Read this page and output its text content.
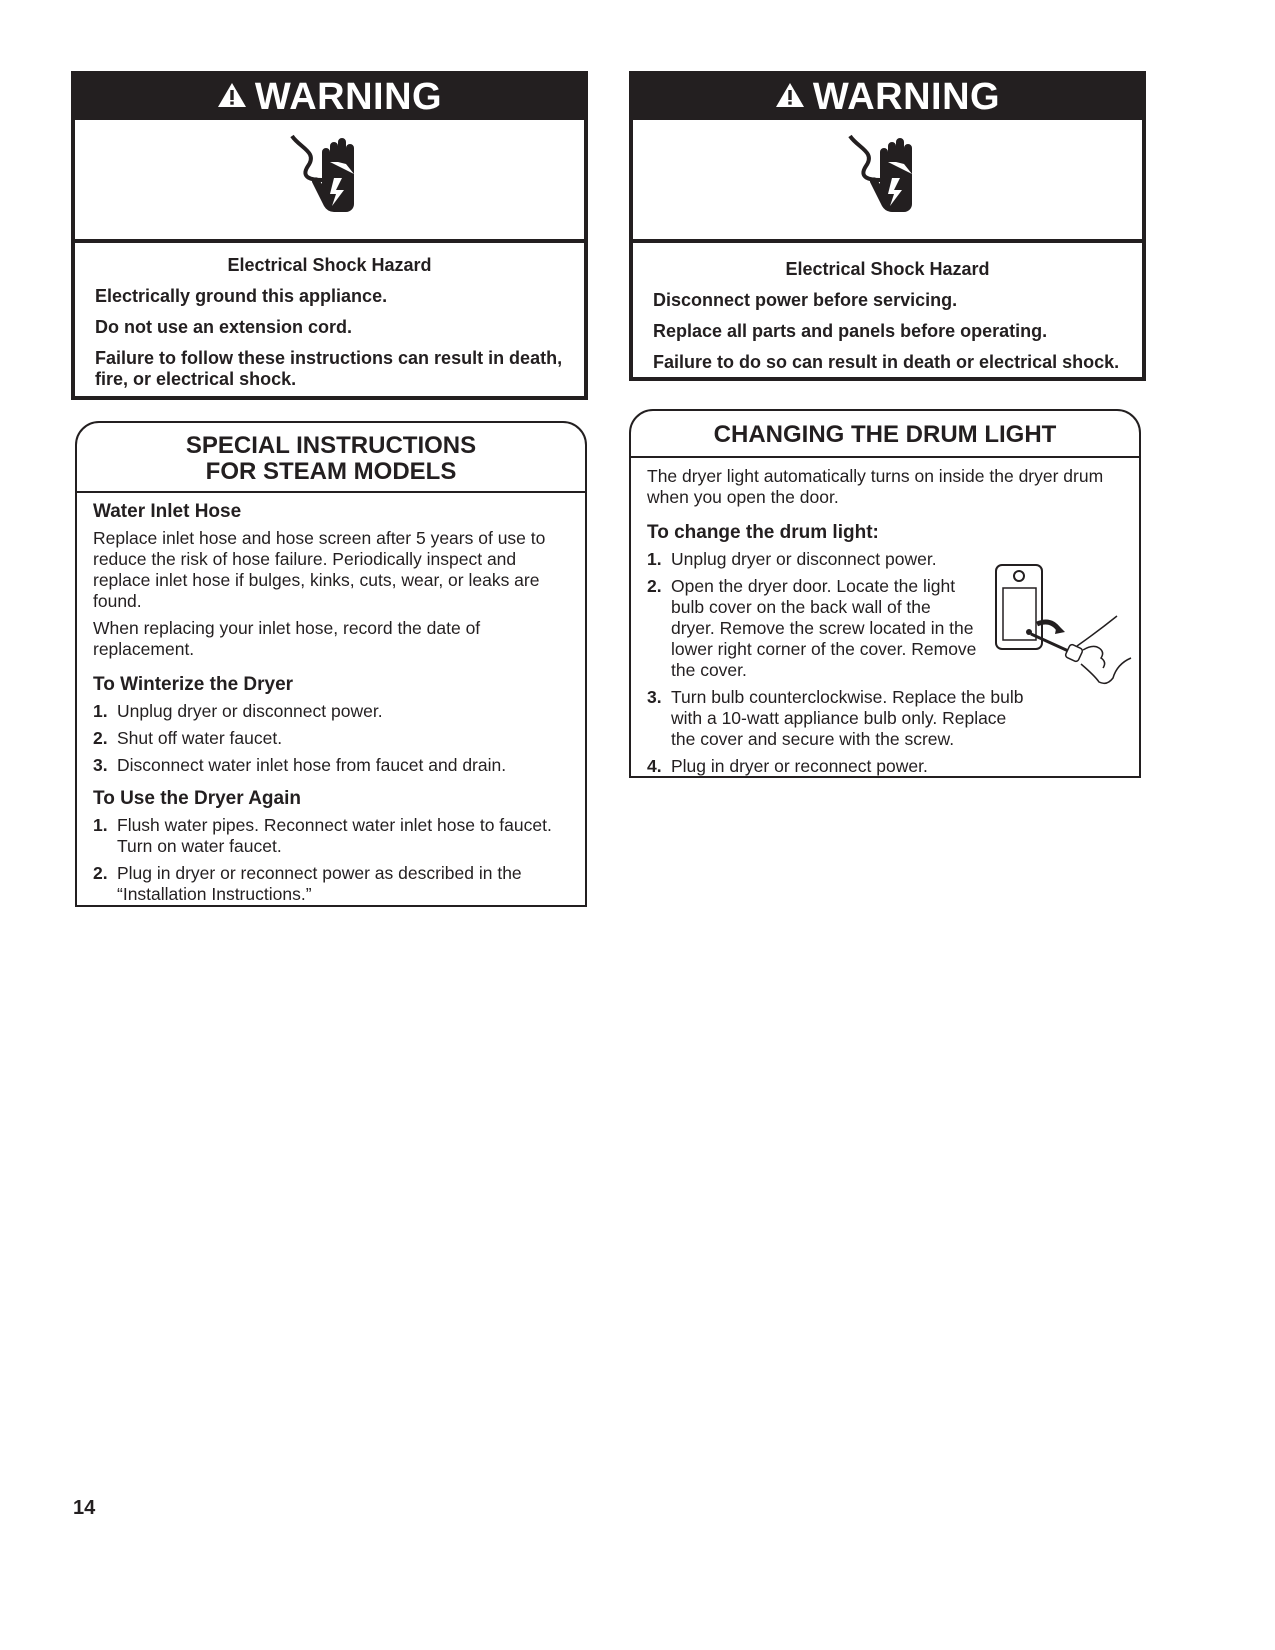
WARNING
Electrical Shock Hazard

Electrically ground this appliance.

Do not use an extension cord.

Failure to follow these instructions can result in death, fire, or electrical shock.

WARNING
Electrical Shock Hazard

Disconnect power before servicing.

Replace all parts and panels before operating.

Failure to do so can result in death or electrical shock.

SPECIAL INSTRUCTIONS
FOR STEAM MODELS
Water Inlet Hose

Replace inlet hose and hose screen after 5 years of use to reduce the risk of hose failure. Periodically inspect and replace inlet hose if bulges, kinks, cuts, wear, or leaks are found.

When replacing your inlet hose, record the date of replacement.

To Winterize the Dryer
1. Unplug dryer or disconnect power.
2. Shut off water faucet.
3. Disconnect water inlet hose from faucet and drain.
To Use the Dryer Again
1. Flush water pipes. Reconnect water inlet hose to faucet. Turn on water faucet.
2. Plug in dryer or reconnect power as described in the “Installation Instructions.”
CHANGING THE DRUM LIGHT

The dryer light automatically turns on inside the dryer drum when you open the door.

To change the drum light:
1. Unplug dryer or disconnect power.
2. Open the dryer door. Locate the light bulb cover on the back wall of the dryer. Remove the screw located in the lower right corner of the cover. Remove the cover.
3. Turn bulb counterclockwise. Replace the bulb with a 10-watt appliance bulb only. Replace the cover and secure with the screw.
4. Plug in dryer or reconnect power.
14
